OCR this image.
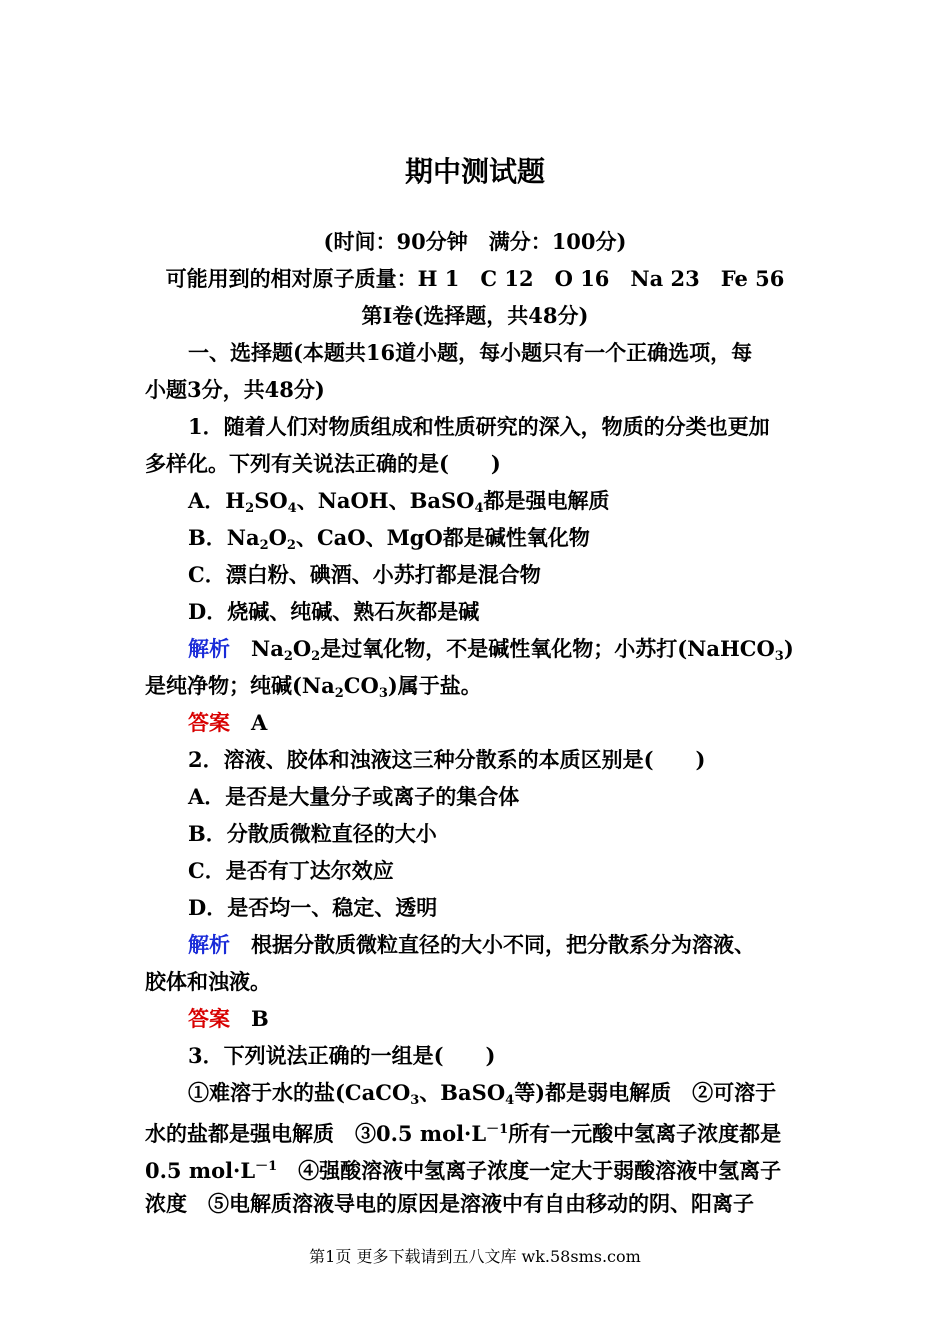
期中测试题
(时间：90分钟　满分：100分)
可能用到的相对原子质量：H 1　C 12　O 16　Na 23　Fe 56
第Ⅰ卷(选择题，共48分)
一、选择题(本题共16道小题，每小题只有一个正确选项，每
小题3分，共48分)
1．随着人们对物质组成和性质研究的深入，物质的分类也更加
多样化。下列有关说法正确的是(　　)
A．$H_2SO_4$、NaOH、BaSO$_4$都是强电解质
B．$Na_2O_2$、CaO、MgO都是碱性氧化物
C．漂白粉、碘酒、小苏打都是混合物
D．烧碱、纯碱、熟石灰都是碱
解析　 $Na_2O_2$是过氧化物，不是碱性氧化物；小苏打(NaHCO$_3$)
是纯净物；纯碱$(Na_2CO_3)$属于盐。
答案　 A
2．溶液、胶体和浊液这三种分散系的本质区别是(　　)
A．是否是大量分子或离子的集合体
B．分散质微粒直径的大小
C．是否有丁达尔效应
D．是否均一、稳定、透明
解析　 根据分散质微粒直径的大小不同，把分散系分为溶液、
胶体和浊液。
答案　 B
3．下列说法正确的一组是(　　)
①难溶于水的盐(CaCO$_3$、BaSO$_4$等)都是弱电解质　②可溶于
水的盐都是强电解质　③0.5 $mol\cdot L^{-1}$所有一元酸中氢离子浓度都是
0.5 $mol\cdot L^{-1}$　④强酸溶液中氢离子浓度一定大于弱酸溶液中氢离子
浓度　⑤电解质溶液导电的原因是溶液中有自由移动的阴、阳离子
第1页 更多下载请到五八文库 wk.58sms.com
